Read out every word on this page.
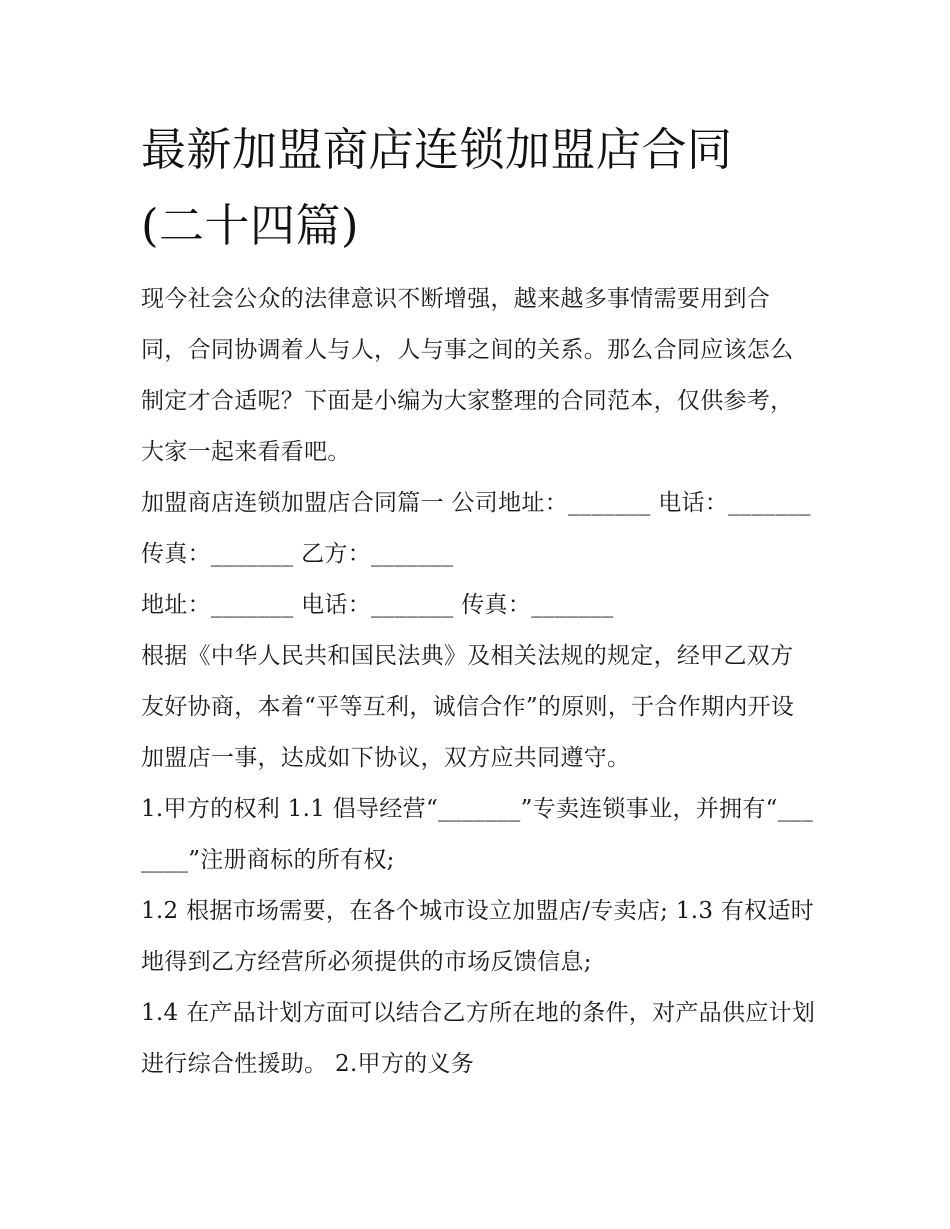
最新加盟商店连锁加盟店合同
(二十四篇)

现今社会公众的法律意识不断增强，越来越多事情需要用到合同，合同协调着人与人，人与事之间的关系。那么合同应该怎么制定才合适呢？下面是小编为大家整理的合同范本，仅供参考，大家一起来看看吧。

加盟商店连锁加盟店合同篇一 公司地址：_______ 电话：_______ 传真：_______ 乙方：_______

地址：_______ 电话：_______ 传真：_______

根据《中华人民共和国民法典》及相关法规的规定，经甲乙双方友好协商，本着“平等互利，诚信合作”的原则，于合作期内开设加盟店一事，达成如下协议，双方应共同遵守。

1.甲方的权利 1.1 倡导经营“_______”专卖连锁事业，并拥有“_______”注册商标的所有权;

1.2 根据市场需要，在各个城市设立加盟店/专卖店; 1.3 有权适时地得到乙方经营所必须提供的市场反馈信息;

1.4 在产品计划方面可以结合乙方所在地的条件，对产品供应计划进行综合性援助。 2.甲方的义务
